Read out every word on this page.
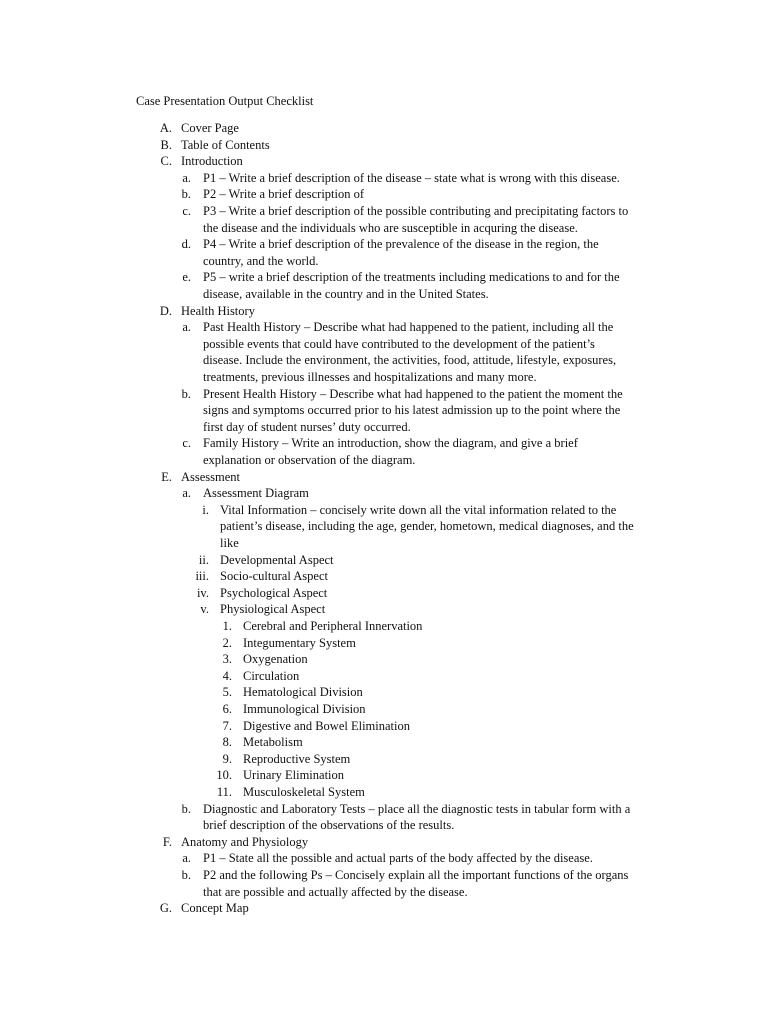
Case Presentation Output Checklist
A. Cover Page
B. Table of Contents
C. Introduction
a. P1 – Write a brief description of the disease – state what is wrong with this disease.
b. P2 – Write a brief description of
c. P3 – Write a brief description of the possible contributing and precipitating factors to
the disease and the individuals who are susceptible in acquring the disease.
d. P4 – Write a brief description of the prevalence of the disease in the region, the
country, and the world.
e. P5 – write a brief description of the treatments including medications to and for the
disease, available in the country and in the United States.
D. Health History
a. Past Health History – Describe what had happened to the patient, including all the
possible events that could have contributed to the development of the patient’s
disease. Include the environment, the activities, food, attitude, lifestyle, exposures,
treatments, previous illnesses and hospitalizations and many more.
b. Present Health History – Describe what had happened to the patient the moment the
signs and symptoms occurred prior to his latest admission up to the point where the
first day of student nurses’ duty occurred.
c. Family History – Write an introduction, show the diagram, and give a brief
explanation or observation of the diagram.
E. Assessment
a. Assessment Diagram
i. Vital Information – concisely write down all the vital information related to the
patient’s disease, including the age, gender, hometown, medical diagnoses, and the
like
ii. Developmental Aspect
iii. Socio-cultural Aspect
iv. Psychological Aspect
v. Physiological Aspect
1. Cerebral and Peripheral Innervation
2. Integumentary System
3. Oxygenation
4. Circulation
5. Hematological Division
6. Immunological Division
7. Digestive and Bowel Elimination
8. Metabolism
9. Reproductive System
10. Urinary Elimination
11. Musculoskeletal System
b. Diagnostic and Laboratory Tests – place all the diagnostic tests in tabular form with a
brief description of the observations of the results.
F. Anatomy and Physiology
a. P1 – State all the possible and actual parts of the body affected by the disease.
b. P2 and the following Ps – Concisely explain all the important functions of the organs
that are possible and actually affected by the disease.
G. Concept Map
